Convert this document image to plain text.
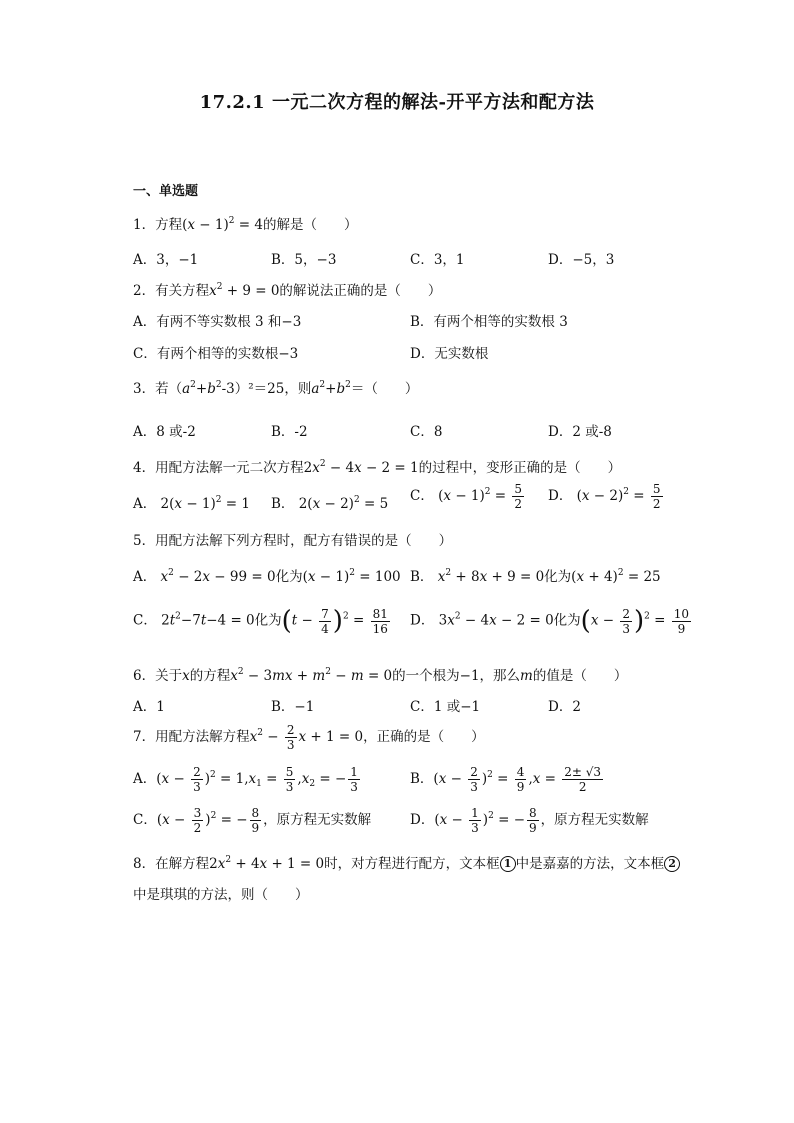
17.2.1 一元二次方程的解法-开平方法和配方法
一、单选题
1．方程$(x - 1)^2 = 4$的解是（　　）
A．3，−1	B．5，−3	C．3，1	D．−5，3
2．有关方程$x^2 + 9 = 0$的解说法正确的是（　　）
A．有两不等实数根 3 和−3	B．有两个相等的实数根 3
C．有两个相等的实数根−3	D．无实数根
3．若$(a^2+b^2-3)^2=25$，则$a^2+b^2=$（　　）
A．8 或-2	B．-2	C．8	D．2 或-8
4．用配方法解一元二次方程$2x^2 - 4x - 2 = 1$的过程中，变形正确的是（　　）
A． $2(x - 1)^2 = 1$ B． $2(x - 2)^2 = 5$ C． $(x - 1)^2 = \frac{5}{2}$ D． $(x - 2)^2 = \frac{5}{2}$
5．用配方法解下列方程时，配方有错误的是（　　）
A． $x^2 - 2x - 99 = 0$化为$(x - 1)^2 = 100$ B． $x^2 + 8x + 9 = 0$化为$(x + 4)^2 = 25$
C． $2t^2-7t-4 = 0$化为$(t - \frac{7}{4} )^2 = \frac{81}{16}$ D． $3x^2 - 4x - 2 = 0$化为$(x - \frac{2}{3} )^2 = \frac{10}{9}$
6．关于x的方程$x^2 - 3mx + m^2 - m = 0$的一个根为−1，那么m的值是（　　）
A．1	B．−1	C．1 或−1	D．2
7．用配方法解方程$x^2 - \frac{2}{3}$ x + 1 = 0，正确的是（　　）
A．$(x - \frac{2}{3} )^2 = 1,x_1 = \frac{5}{3} ,x_2$ = − $\frac{1}{3}$	B．$(x - \frac{2}{3} )^2 = \frac{4}{9} ,x = \frac{2\pm √3}{2}$
C．$(x - \frac{3}{2} )^2$ = − $\frac{8}{9}$ ，原方程无实数解	D．$(x - \frac{1}{3} )^2$ = − $\frac{8}{9}$ ，原方程无实数解
8．在解方程$2x^2 + 4x + 1 = 0$时，对方程进行配方，文本框 1 中是嘉嘉的方法，文本框 2
中是琪琪的方法，则（　　）
